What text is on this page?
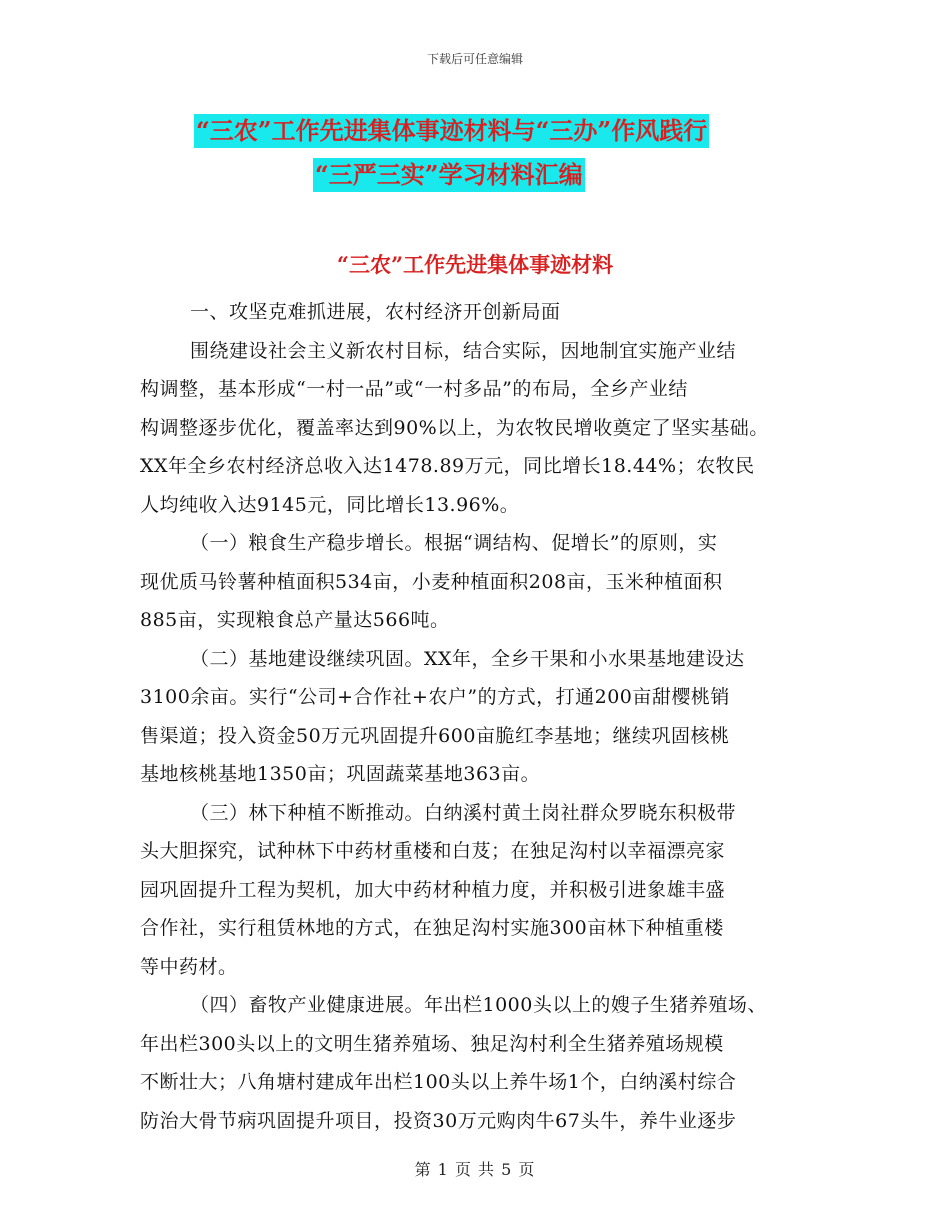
下载后可任意编辑
“三农”工作先进集体事迹材料与“三办”作风践行
“三严三实”学习材料汇编
“三农”工作先进集体事迹材料
一、攻坚克难抓进展，农村经济开创新局面
围绕建设社会主义新农村目标，结合实际，因地制宜实施产业结
构调整，基本形成“一村一品”或“一村多品”的布局，全乡产业结
构调整逐步优化，覆盖率达到90%以上，为农牧民增收奠定了坚实基础。
XX年全乡农村经济总收入达1478.89万元，同比增长18.44%；农牧民
人均纯收入达9145元，同比增长13.96%。
（一）粮食生产稳步增长。根据“调结构、促增长”的原则，实
现优质马铃薯种植面积534亩，小麦种植面积208亩，玉米种植面积
885亩，实现粮食总产量达566吨。
（二）基地建设继续巩固。XX年，全乡干果和小水果基地建设达
3100余亩。实行“公司+合作社+农户”的方式，打通200亩甜樱桃销
售渠道；投入资金50万元巩固提升600亩脆红李基地；继续巩固核桃
基地核桃基地1350亩；巩固蔬菜基地363亩。
（三）林下种植不断推动。白纳溪村黄土岗社群众罗晓东积极带
头大胆探究，试种林下中药材重楼和白芨；在独足沟村以幸福漂亮家
园巩固提升工程为契机，加大中药材种植力度，并积极引进象雄丰盛
合作社，实行租赁林地的方式，在独足沟村实施300亩林下种植重楼
等中药材。
（四）畜牧产业健康进展。年出栏1000头以上的嫂子生猪养殖场、
年出栏300头以上的文明生猪养殖场、独足沟村利全生猪养殖场规模
不断壮大；八角塘村建成年出栏100头以上养牛场1个，白纳溪村综合
防治大骨节病巩固提升项目，投资30万元购肉牛67头牛，养牛业逐步
第 1 页 共 5 页
